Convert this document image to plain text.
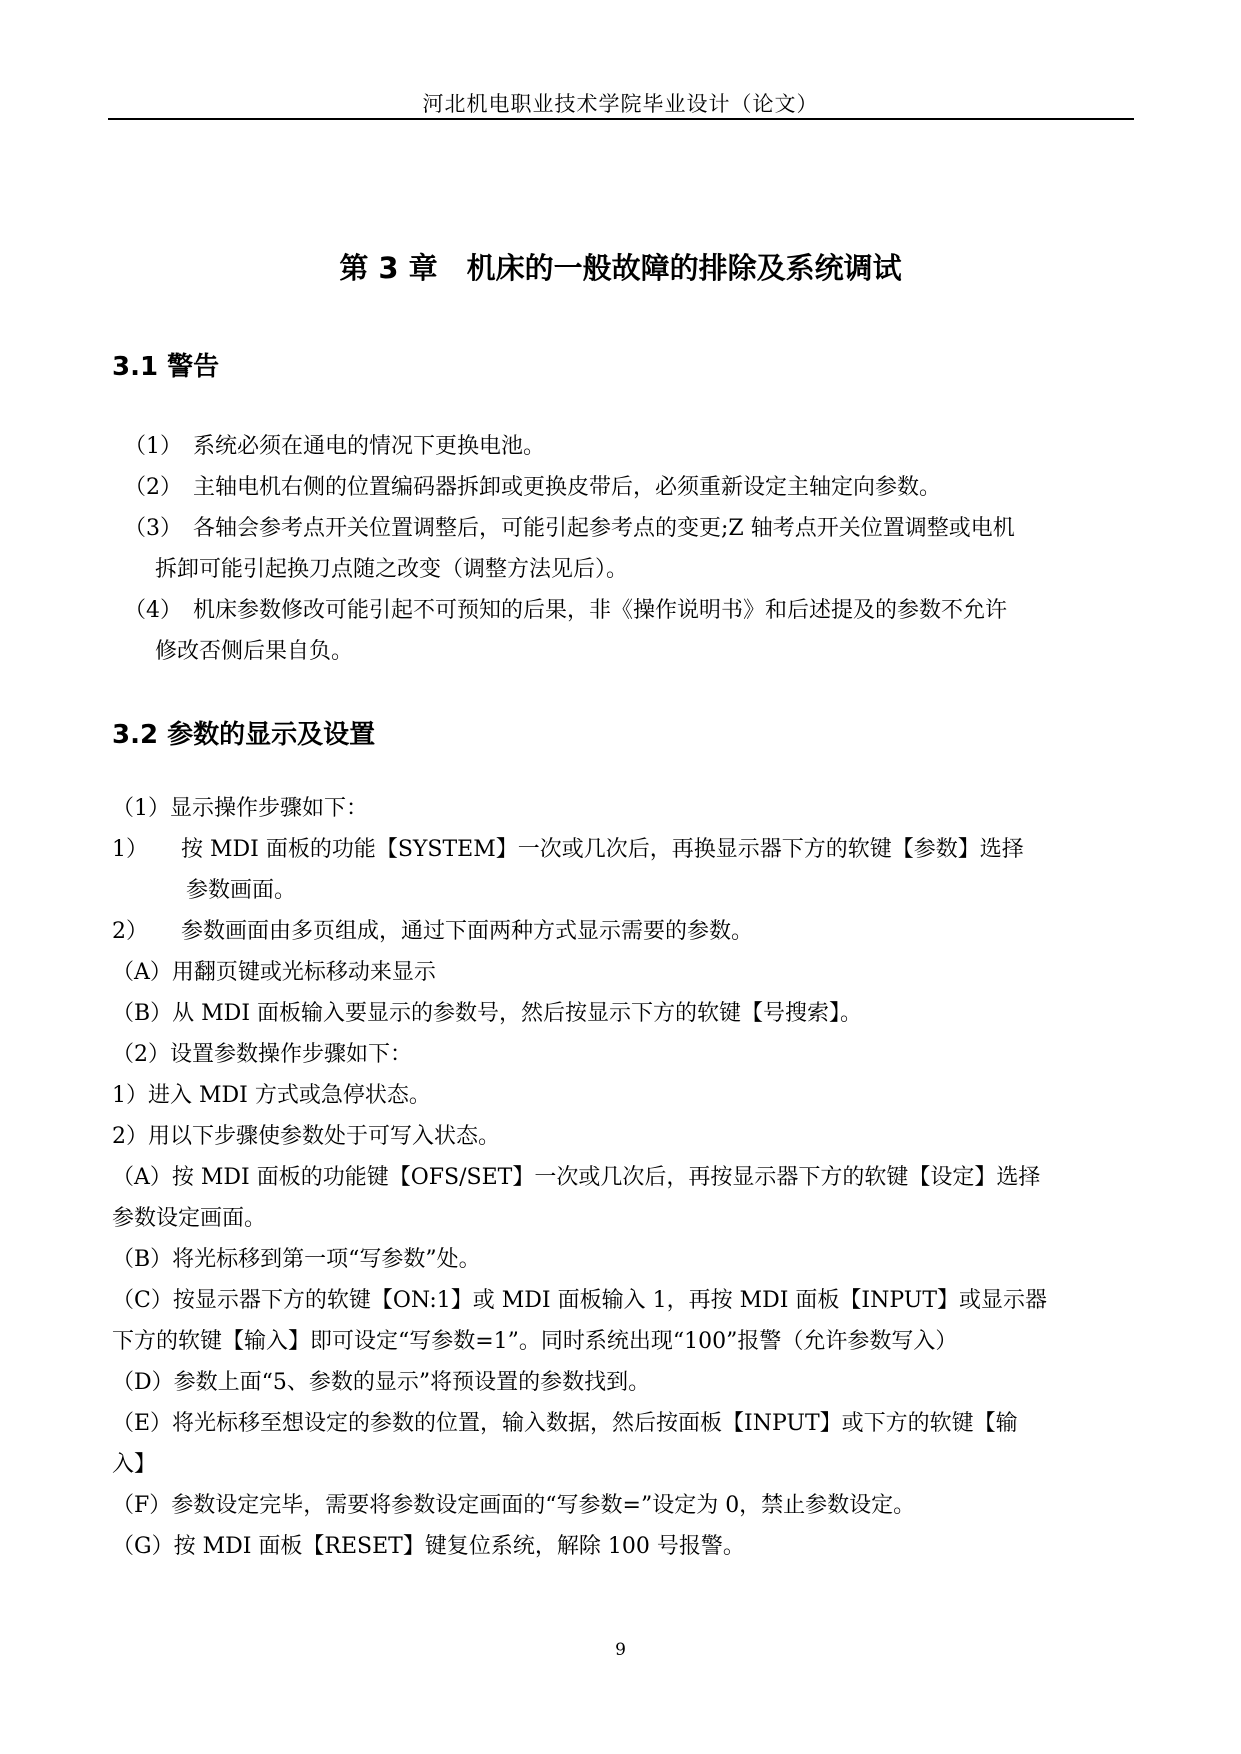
河北机电职业技术学院毕业设计（论文）
第 3 章　机床的一般故障的排除及系统调试
3.1 警告
（1）　系统必须在通电的情况下更换电池。
（2）　主轴电机右侧的位置编码器拆卸或更换皮带后，必须重新设定主轴定向参数。
（3）　各轴会参考点开关位置调整后，可能引起参考点的变更;Z 轴考点开关位置调整或电机
拆卸可能引起换刀点随之改变（调整方法见后）。
（4）　机床参数修改可能引起不可预知的后果，非《操作说明书》和后述提及的参数不允许
修改否侧后果自负。
3.2 参数的显示及设置
（1）显示操作步骤如下：
1）　　按 MDI 面板的功能【SYSTEM】一次或几次后，再换显示器下方的软键【参数】选择
参数画面。
2）　　参数画面由多页组成，通过下面两种方式显示需要的参数。
（A）用翻页键或光标移动来显示
（B）从 MDI 面板输入要显示的参数号，然后按显示下方的软键【号搜索】。
（2）设置参数操作步骤如下：
1）进入 MDI 方式或急停状态。
2）用以下步骤使参数处于可写入状态。
（A）按 MDI 面板的功能键【OFS/SET】一次或几次后，再按显示器下方的软键【设定】选择
参数设定画面。
（B）将光标移到第一项“写参数”处。
（C）按显示器下方的软键【ON:1】或 MDI 面板输入 1，再按 MDI 面板【INPUT】或显示器
下方的软键【输入】即可设定“写参数=1”。同时系统出现“100”报警（允许参数写入）
（D）参数上面“5、参数的显示”将预设置的参数找到。
（E）将光标移至想设定的参数的位置，输入数据，然后按面板【INPUT】或下方的软键【输
入】
（F）参数设定完毕，需要将参数设定画面的“写参数=”设定为 0，禁止参数设定。
（G）按 MDI 面板【RESET】键复位系统，解除 100 号报警。
9
